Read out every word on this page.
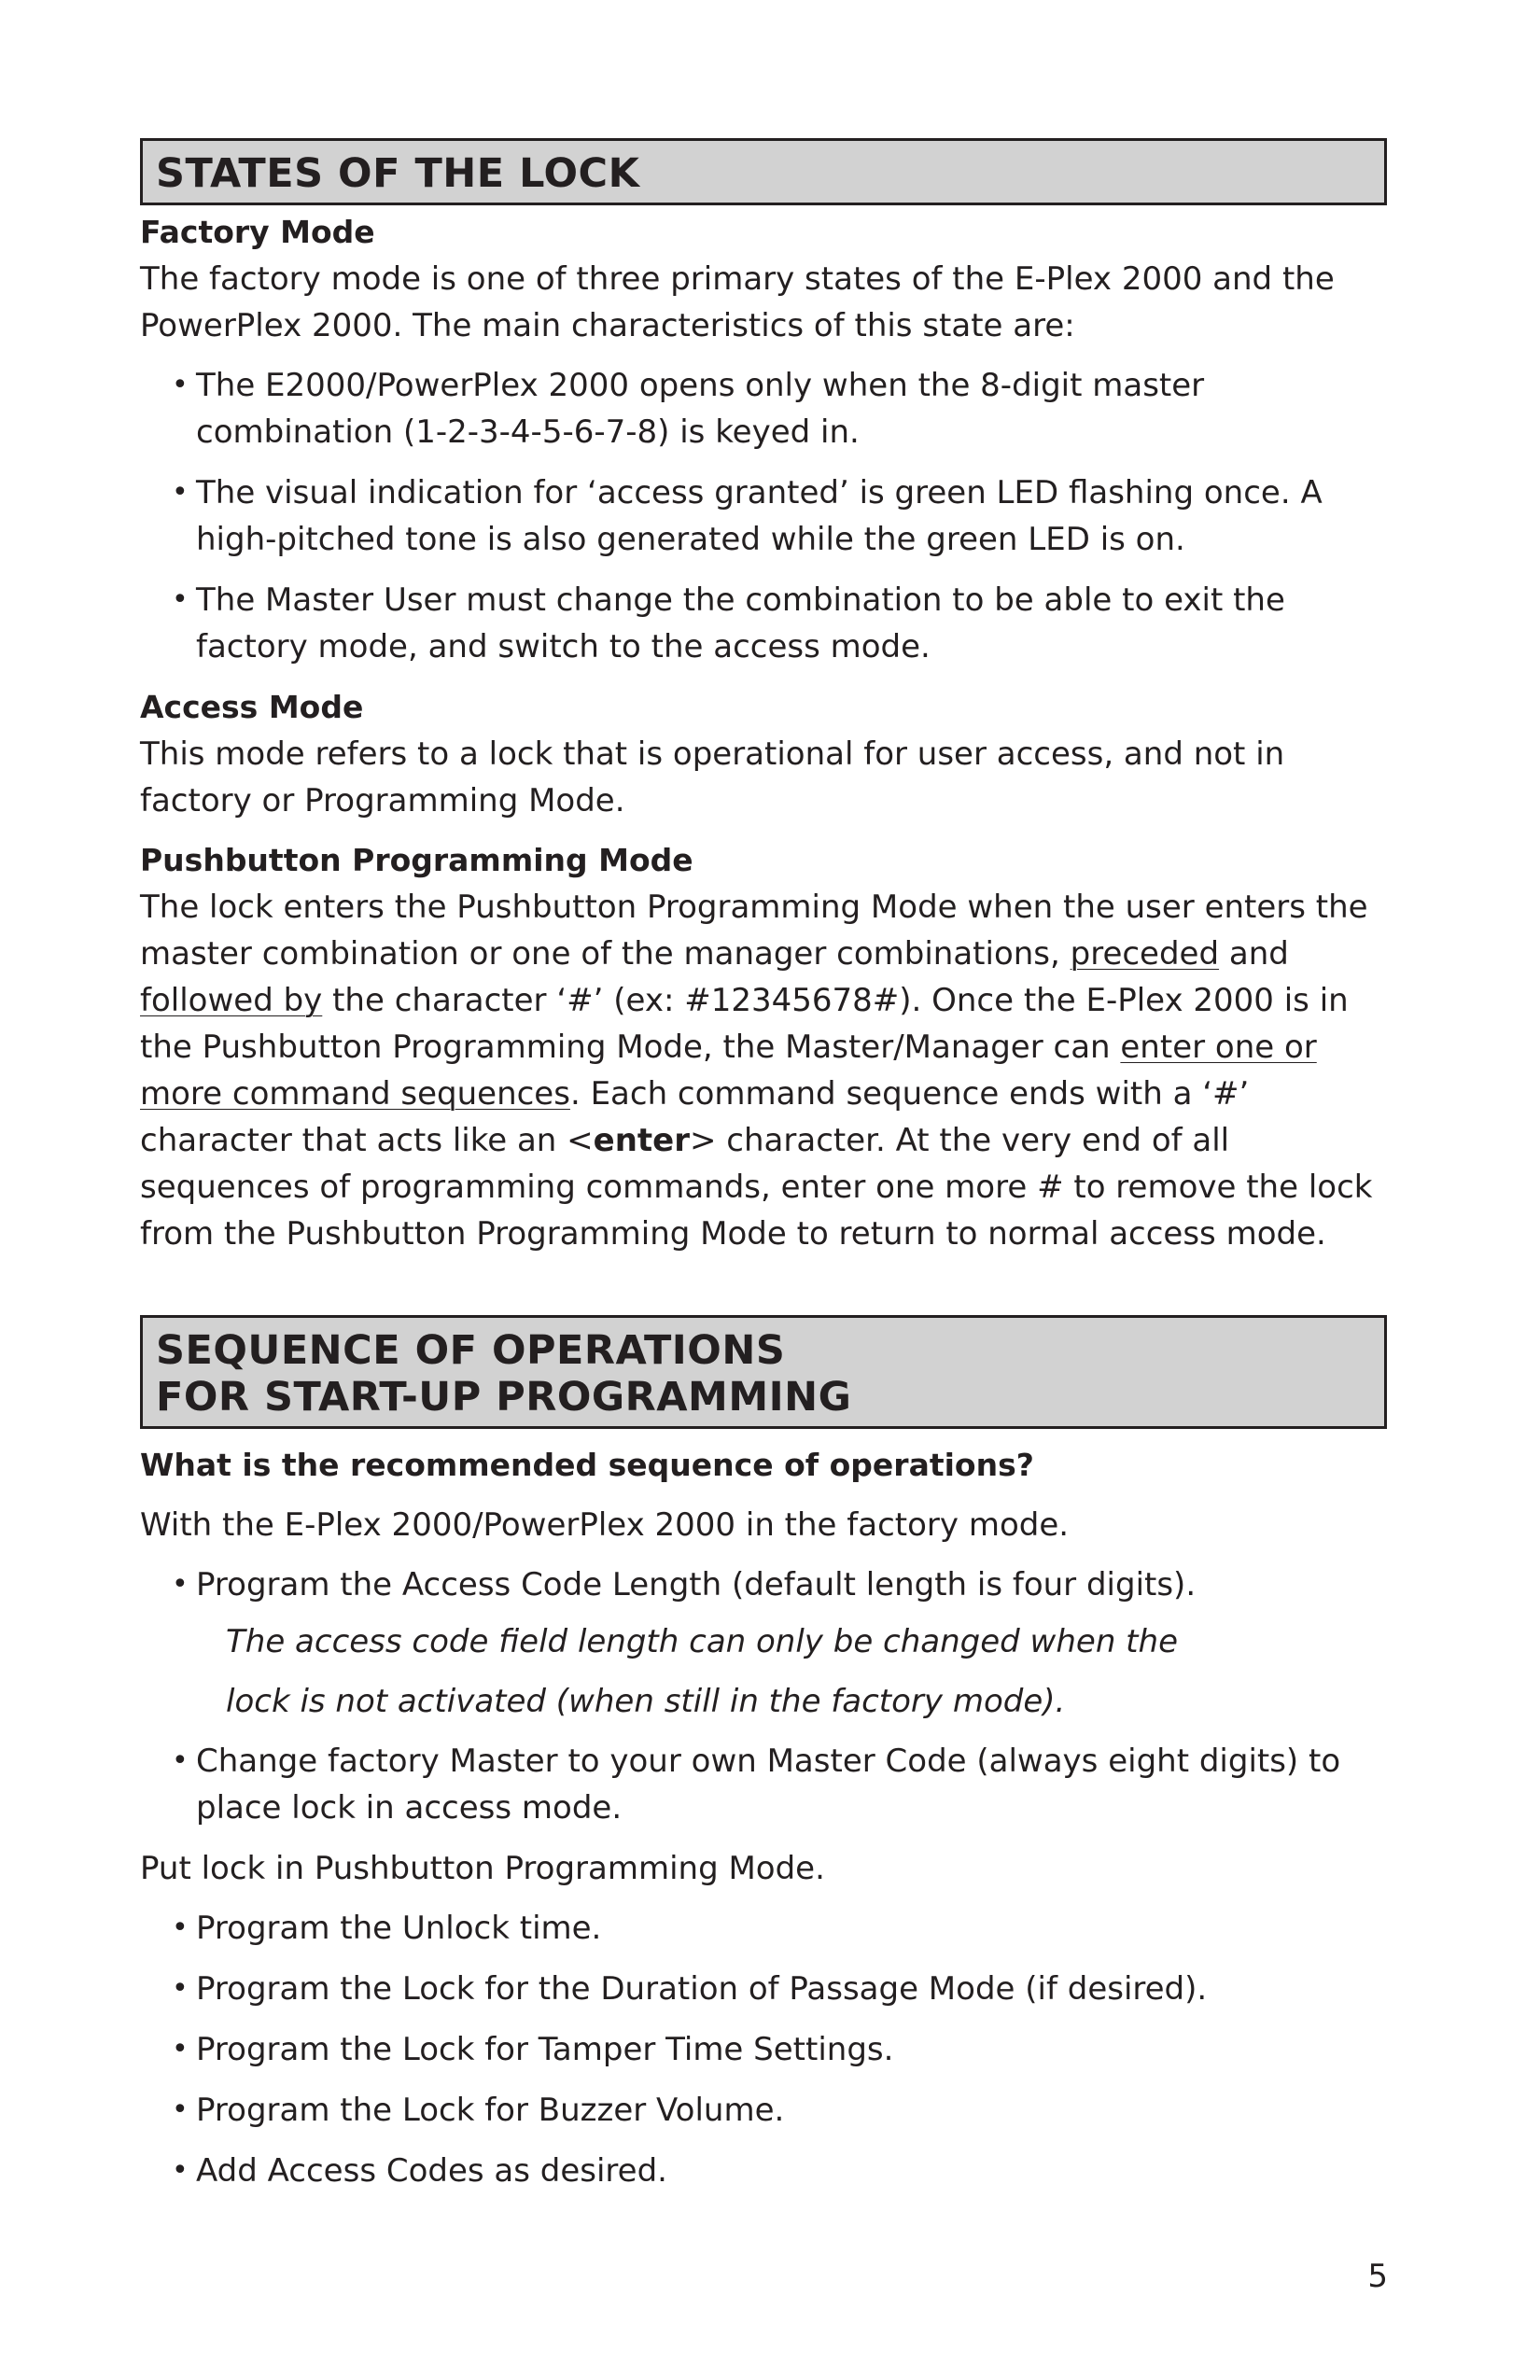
STATES OF THE LOCK
Factory Mode

The factory mode is one of three primary states of the E-Plex 2000 and the PowerPlex 2000. The main characteristics of this state are:

• The E2000/PowerPlex 2000 opens only when the 8-digit master combination (1-2-3-4-5-6-7-8) is keyed in.
• The visual indication for ‘access granted’ is green LED flashing once. A high-pitched tone is also generated while the green LED is on.
• The Master User must change the combination to be able to exit the factory mode, and switch to the access mode.
Access Mode

This mode refers to a lock that is operational for user access, and not in factory or Programming Mode.

Pushbutton Programming Mode

The lock enters the Pushbutton Programming Mode when the user enters the master combination or one of the manager combinations, preceded and followed by the character ‘#’ (ex: #12345678#). Once the E-Plex 2000 is in the Pushbutton Programming Mode, the Master/Manager can enter one or more command sequences. Each command sequence ends with a ‘#’ character that acts like an <enter> character. At the very end of all sequences of programming commands, enter one more # to remove the lock from the Pushbutton Programming Mode to return to normal access mode.

SEQUENCE OF OPERATIONS
FOR START-UP PROGRAMMING
What is the recommended sequence of operations?

With the E-Plex 2000/PowerPlex 2000 in the factory mode.

• Program the Access Code Length (default length is four digits).
The access code field length can only be changed when the
lock is not activated (when still in the factory mode).
• Change factory Master to your own Master Code (always eight digits) to place lock in access mode.

Put lock in Pushbutton Programming Mode.

• Program the Unlock time.
• Program the Lock for the Duration of Passage Mode (if desired).
• Program the Lock for Tamper Time Settings.
• Program the Lock for Buzzer Volume.
• Add Access Codes as desired.
5
